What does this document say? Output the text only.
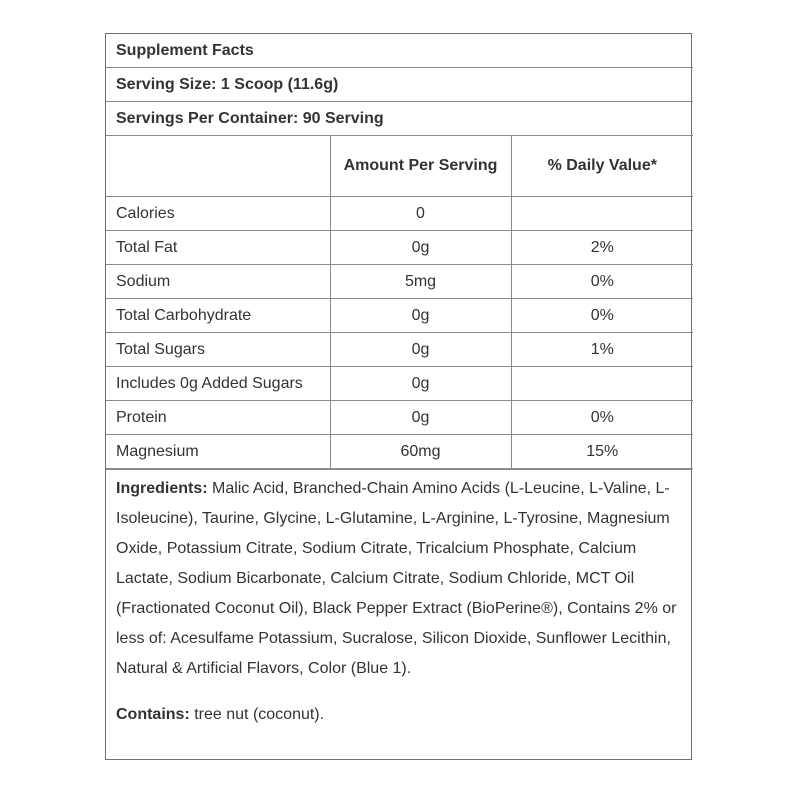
Supplement Facts		
Serving Size: 1 Scoop (11.6g)		
Servings Per Container: 90 Serving		
	Amount Per Serving	% Daily Value*
Calories	0	
Total Fat	0g	2%
Sodium	5mg	0%
Total Carbohydrate	0g	0%
Total Sugars	0g	1%
Includes 0g Added Sugars	0g	
Protein	0g	0%
Magnesium	60mg	15%
Ingredients: Malic Acid, Branched-Chain Amino Acids (L-Leucine, L-Valine, L-Isoleucine), Taurine, Glycine, L-Glutamine, L-Arginine, L-Tyrosine, Magnesium Oxide, Potassium Citrate, Sodium Citrate, Tricalcium Phosphate, Calcium Lactate, Sodium Bicarbonate, Calcium Citrate, Sodium Chloride, MCT Oil (Fractionated Coconut Oil), Black Pepper Extract (BioPerine®), Contains 2% or less of: Acesulfame Potassium, Sucralose, Silicon Dioxide, Sunflower Lecithin, Natural & Artificial Flavors, Color (Blue 1).
Contains: tree nut (coconut).
